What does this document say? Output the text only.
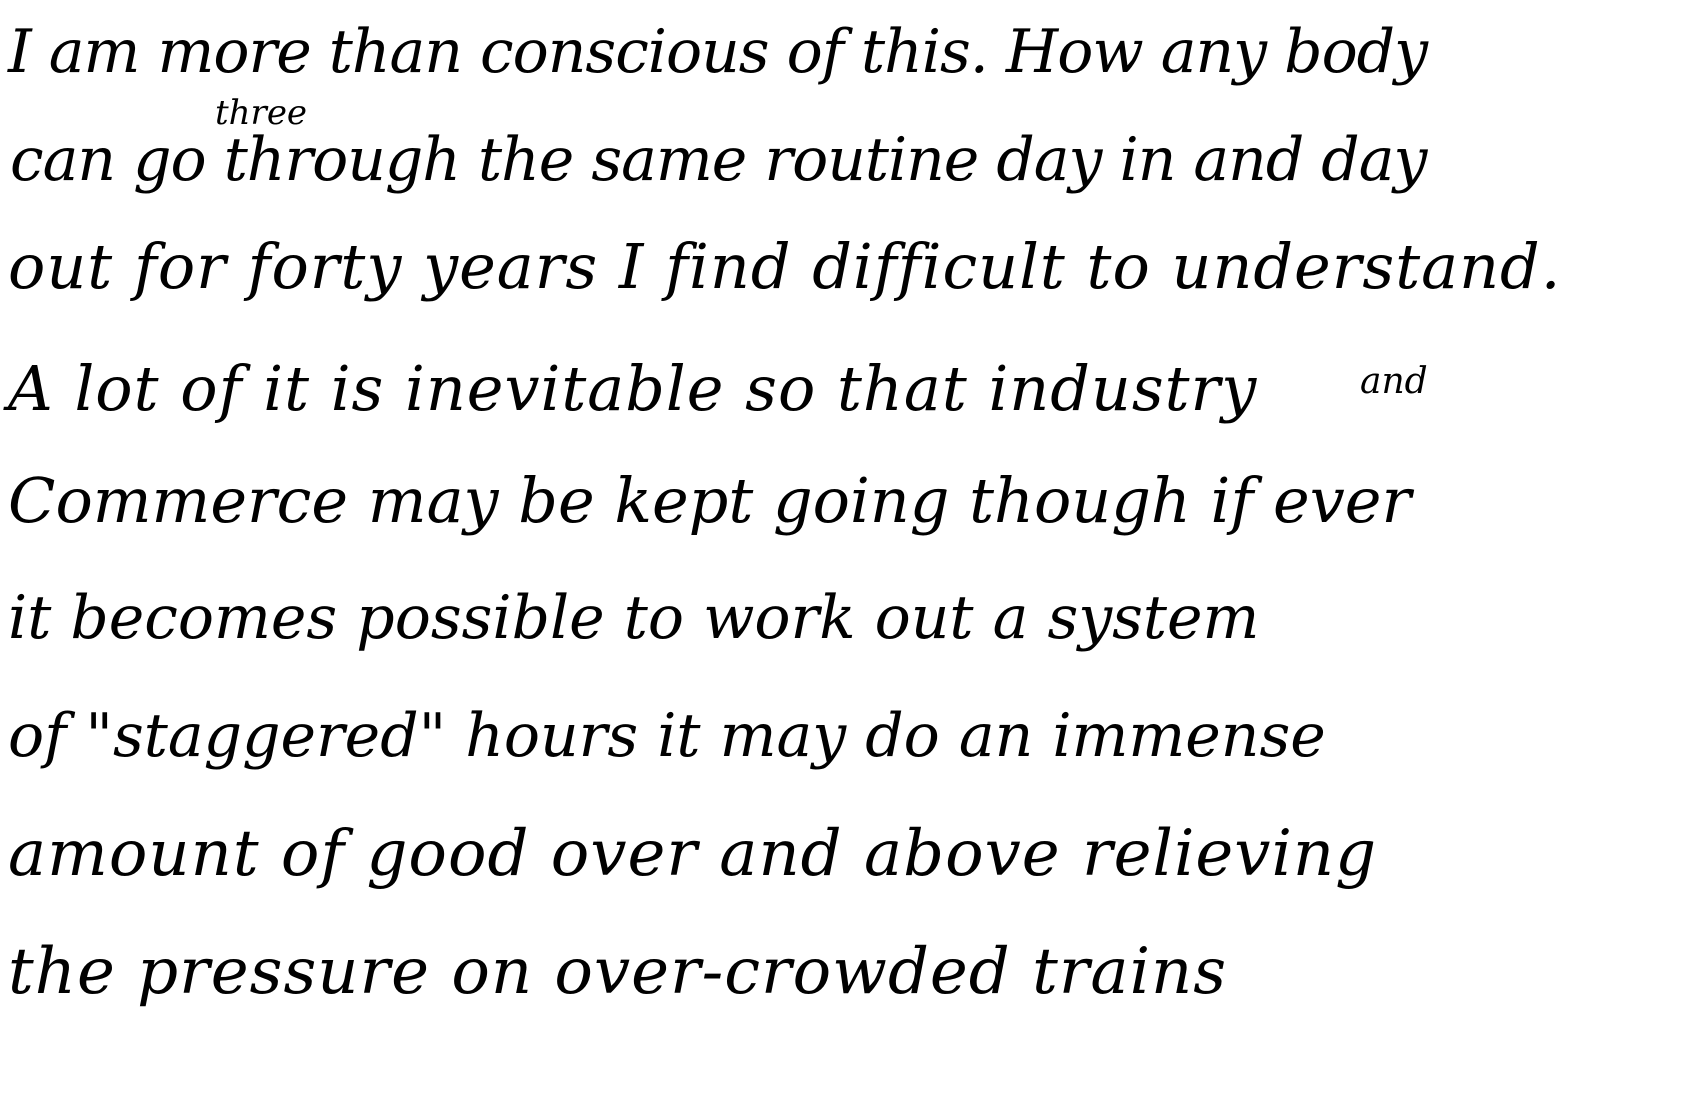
I am more than conscious of this. How any body
three
can go through the same routine day in and day
out for forty years I find difficult to understand.
and
A lot of it is inevitable so that industry
Commerce may be kept going though if ever
it becomes possible to work out a system
of "staggered" hours it may do an immense
amount of good over and above relieving
the pressure on over-crowded trains
